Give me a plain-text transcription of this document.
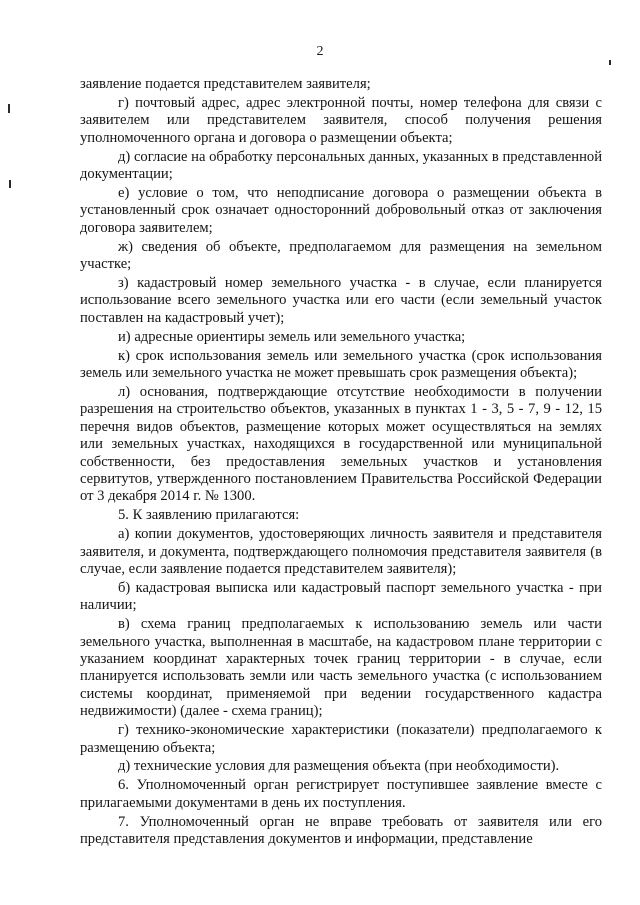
2

заявление подается представителем заявителя;

г) почтовый адрес, адрес электронной почты, номер телефона для связи с заявителем или представителем заявителя, способ получения решения уполномоченного органа и договора о размещении объекта;

д) согласие на обработку персональных данных, указанных в представленной документации;

е) условие о том, что неподписание договора о размещении объекта в установленный срок означает односторонний добровольный отказ от заключения договора заявителем;

ж) сведения об объекте, предполагаемом для размещения на земельном участке;

з) кадастровый номер земельного участка - в случае, если планируется использование всего земельного участка или его части (если земельный участок поставлен на кадастровый учет);

и) адресные ориентиры земель или земельного участка;

к) срок использования земель или земельного участка (срок использования земель или земельного участка не может превышать срок размещения объекта);

л) основания, подтверждающие отсутствие необходимости в получении разрешения на строительство объектов, указанных в пунктах 1 - 3, 5 - 7, 9 - 12, 15 перечня видов объектов, размещение которых может осуществляться на землях или земельных участках, находящихся в государственной или муниципальной собственности, без предоставления земельных участков и установления сервитутов, утвержденного постановлением Правительства Российской Федерации от 3 декабря 2014 г. № 1300.

5. К заявлению прилагаются:

а) копии документов, удостоверяющих личность заявителя и представителя заявителя, и документа, подтверждающего полномочия представителя заявителя (в случае, если заявление подается представителем заявителя);

б) кадастровая выписка или кадастровый паспорт земельного участка - при наличии;

в) схема границ предполагаемых к использованию земель или части земельного участка, выполненная в масштабе, на кадастровом плане территории с указанием координат характерных точек границ территории - в случае, если планируется использовать земли или часть земельного участка (с использованием системы координат, применяемой при ведении государственного кадастра недвижимости) (далее - схема границ);

г) технико-экономические характеристики (показатели) предполагаемого к размещению объекта;

д) технические условия для размещения объекта (при необходимости).

6. Уполномоченный орган регистрирует поступившее заявление вместе с прилагаемыми документами в день их поступления.

7. Уполномоченный орган не вправе требовать от заявителя или его представителя представления документов и информации, представление
